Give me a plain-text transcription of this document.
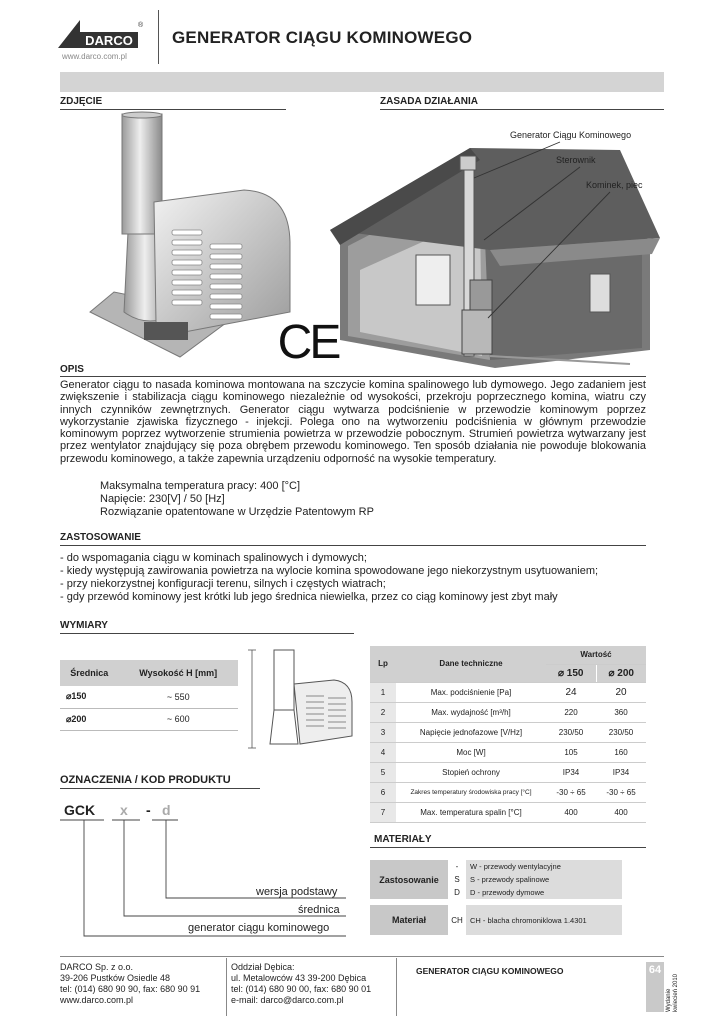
DARCO
®
www.darco.com.pl
GENERATOR CIĄGU KOMINOWEGO
ZDJĘCIE	ZASADA DZIAŁANIA
CE
Generator Ciągu Kominowego
Sterownik
Kominek, piec
OPIS
Generator ciągu to nasada kominowa montowana na szczycie komina spalinowego lub dymowego. Jego zadaniem jest zwiększenie i stabilizacja ciągu kominowego niezależnie od wysokości, przekroju poprzecznego komina, wiatru czy innych czynników zewnętrznych. Generator ciągu wytwarza podciśnienie w przewodzie kominowym poprzez wykorzystanie zjawiska fizycznego - injekcji. Polega ono na wytworzeniu podciśnienia w głównym przewodzie kominowym poprzez wytworzenie strumienia powietrza w przewodzie pobocznym. Strumień powietrza wytwarzany jest przez wentylator znajdujący się poza obrębem przewodu kominowego. Ten sposób działania nie powoduje blokowania przewodu kominowego, a także zapewnia urządzeniu odporność na wysokie temperatury.
Maksymalna temperatura pracy: 400 [°C]
Napięcie: 230[V] / 50 [Hz]
Rozwiązanie opatentowane w Urzędzie Patentowym RP
ZASTOSOWANIE
- do wspomagania ciągu w kominach spalinowych i dymowych;
- kiedy występują zawirowania powietrza na wylocie komina spowodowane jego niekorzystnym usytuowaniem;
- przy niekorzystnej konfiguracji terenu, silnych i częstych wiatrach;
- gdy przewód kominowy jest krótki lub jego średnica niewielka, przez co ciąg kominowy jest zbyt mały
WYMIARY
Średnica	Wysokość H [mm]
⌀150	~ 550
⌀200	~ 600
Lp	Dane techniczne	Wartość	
		⌀ 150	⌀ 200
1	Max. podciśnienie [Pa]	24	20
2	Max. wydajność [m³/h]	220	360
3	Napięcie jednofazowe [V/Hz]	230/50	230/50
4	Moc [W]	105	160
5	Stopień ochrony	IP34	IP34
6	Zakres temperatury środowiska pracy [°C]	-30 ÷ 65	-30 ÷ 65
7	Max. temperatura spalin [°C]	400	400
OZNACZENIA / KOD PRODUKTU
GCK x - d
wersja podstawy
średnica
generator ciągu kominowego
MATERIAŁY
Zastosowanie	-	W - przewody wentylacyjne
	S	S - przewody spalinowe
	D	D - przewody dymowe

Materiał	CH	CH - blacha chromoniklowa 1.4301
DARCO Sp. z o.o.
39-206 Pustków Osiedle 48
tel: (014) 680 90 90, fax: 680 90 91
www.darco.com.pl
Oddział Dębica:
ul. Metalowców 43 39-200 Dębica
tel: (014) 680 90 00, fax: 680 90 01
e-mail: darco@darco.com.pl
GENERATOR CIĄGU KOMINOWEGO	64
Wydanie kwiecień 2010
